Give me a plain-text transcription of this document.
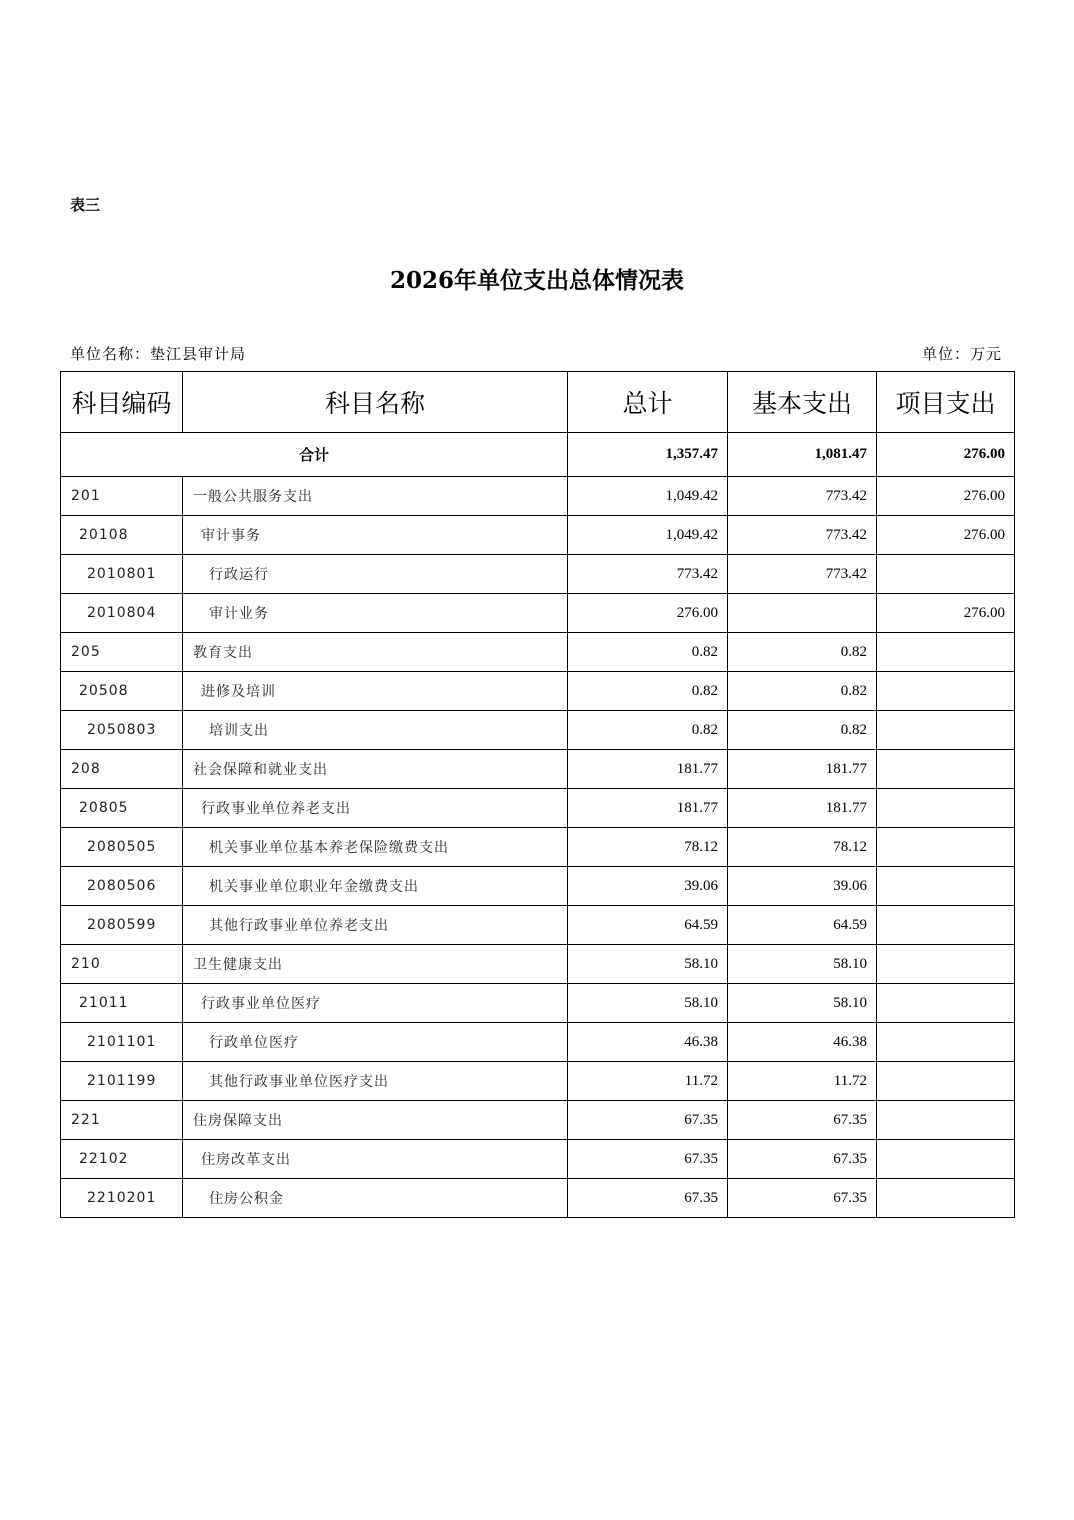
表三
2026年单位支出总体情况表
单位名称：垫江县审计局	单位：万元
科目编码	科目名称	总计	基本支出	项目支出
合计		1,357.47	1,081.47	276.00
201	一般公共服务支出	1,049.42	773.42	276.00
20108	审计事务	1,049.42	773.42	276.00
2010801	行政运行	773.42	773.42	
2010804	审计业务	276.00		276.00
205	教育支出	0.82	0.82	
20508	进修及培训	0.82	0.82	
2050803	培训支出	0.82	0.82	
208	社会保障和就业支出	181.77	181.77	
20805	行政事业单位养老支出	181.77	181.77	
2080505	机关事业单位基本养老保险缴费支出	78.12	78.12	
2080506	机关事业单位职业年金缴费支出	39.06	39.06	
2080599	其他行政事业单位养老支出	64.59	64.59	
210	卫生健康支出	58.10	58.10	
21011	行政事业单位医疗	58.10	58.10	
2101101	行政单位医疗	46.38	46.38	
2101199	其他行政事业单位医疗支出	11.72	11.72	
221	住房保障支出	67.35	67.35	
22102	住房改革支出	67.35	67.35	
2210201	住房公积金	67.35	67.35	
